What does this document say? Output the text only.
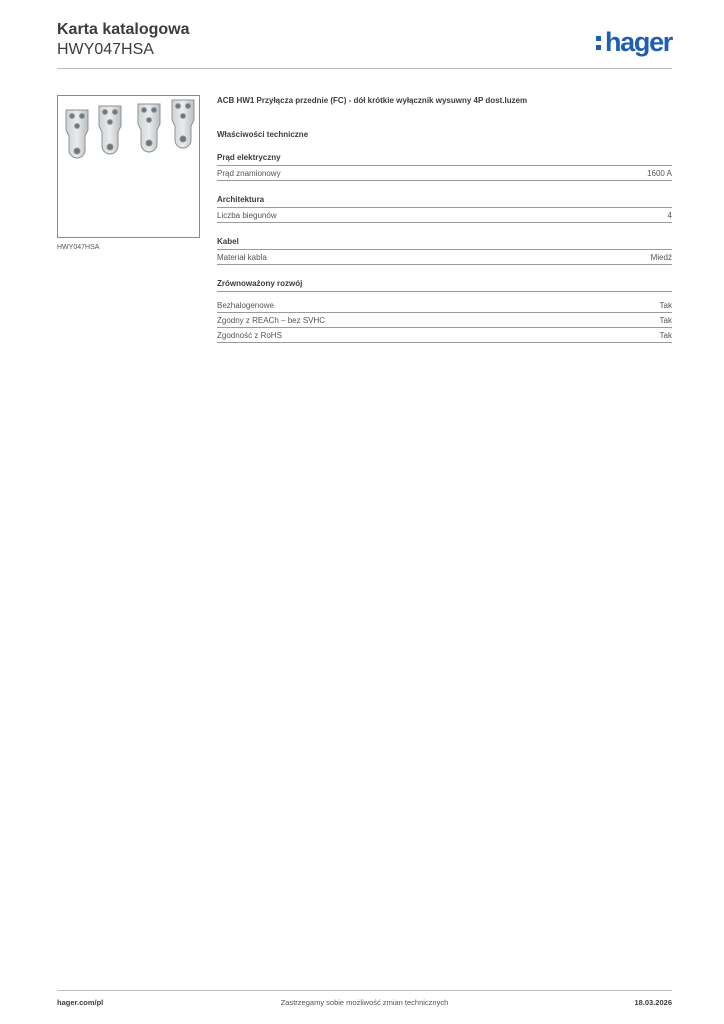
Karta katalogowa
HWY047HSA	hager
HWY047HSA

ACB HW1 Przyłącza przednie (FC) - dół krótkie wyłącznik wysuwny 4P dost.luzem

Właściwości techniczne
Prąd elektryczny
Prąd znamionowy	1600 A
Architektura
Liczba biegunów	4
Kabel
Materiał kabla	Miedź
Zrównoważony rozwój
Bezhalogenowe	Tak
Zgodny z REACh – bez SVHC	Tak
Zgodność z RoHS	Tak
Zastrzegamy sobie możliwość zmian technicznych
hager.com/pl	18.03.2026
